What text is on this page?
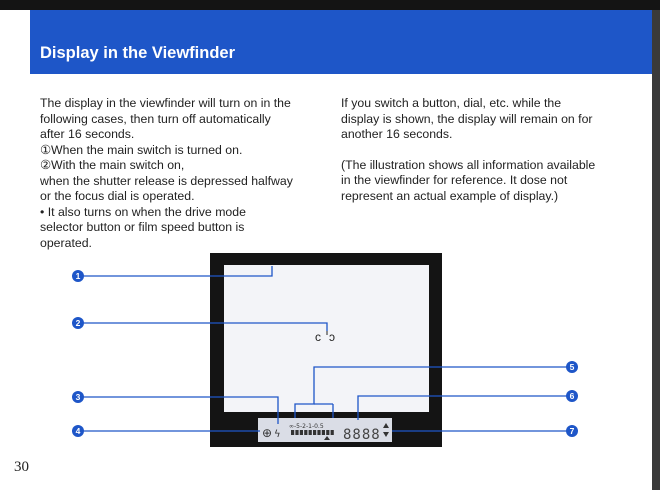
Display in the Viewfinder
The display in the viewfinder will turn on in the
following cases, then turn off automatically
after 16 seconds.
①When the main switch is turned on.
②With the main switch on,
when the shutter release is depressed halfway
or the focus dial is operated.
• It also turns on when the drive mode
selector button or film speed button is
operated.
If you switch a button, dial, etc. while the
display is shown, the display will remain on for
another 16 seconds.
(The illustration shows all information available
in the viewfinder for reference. It dose not
represent an actual example of display.)
c ɔ
⊕ ϟ
∞-5-2-1-0.5
8888
1
2
3
4
5
6
7
30
